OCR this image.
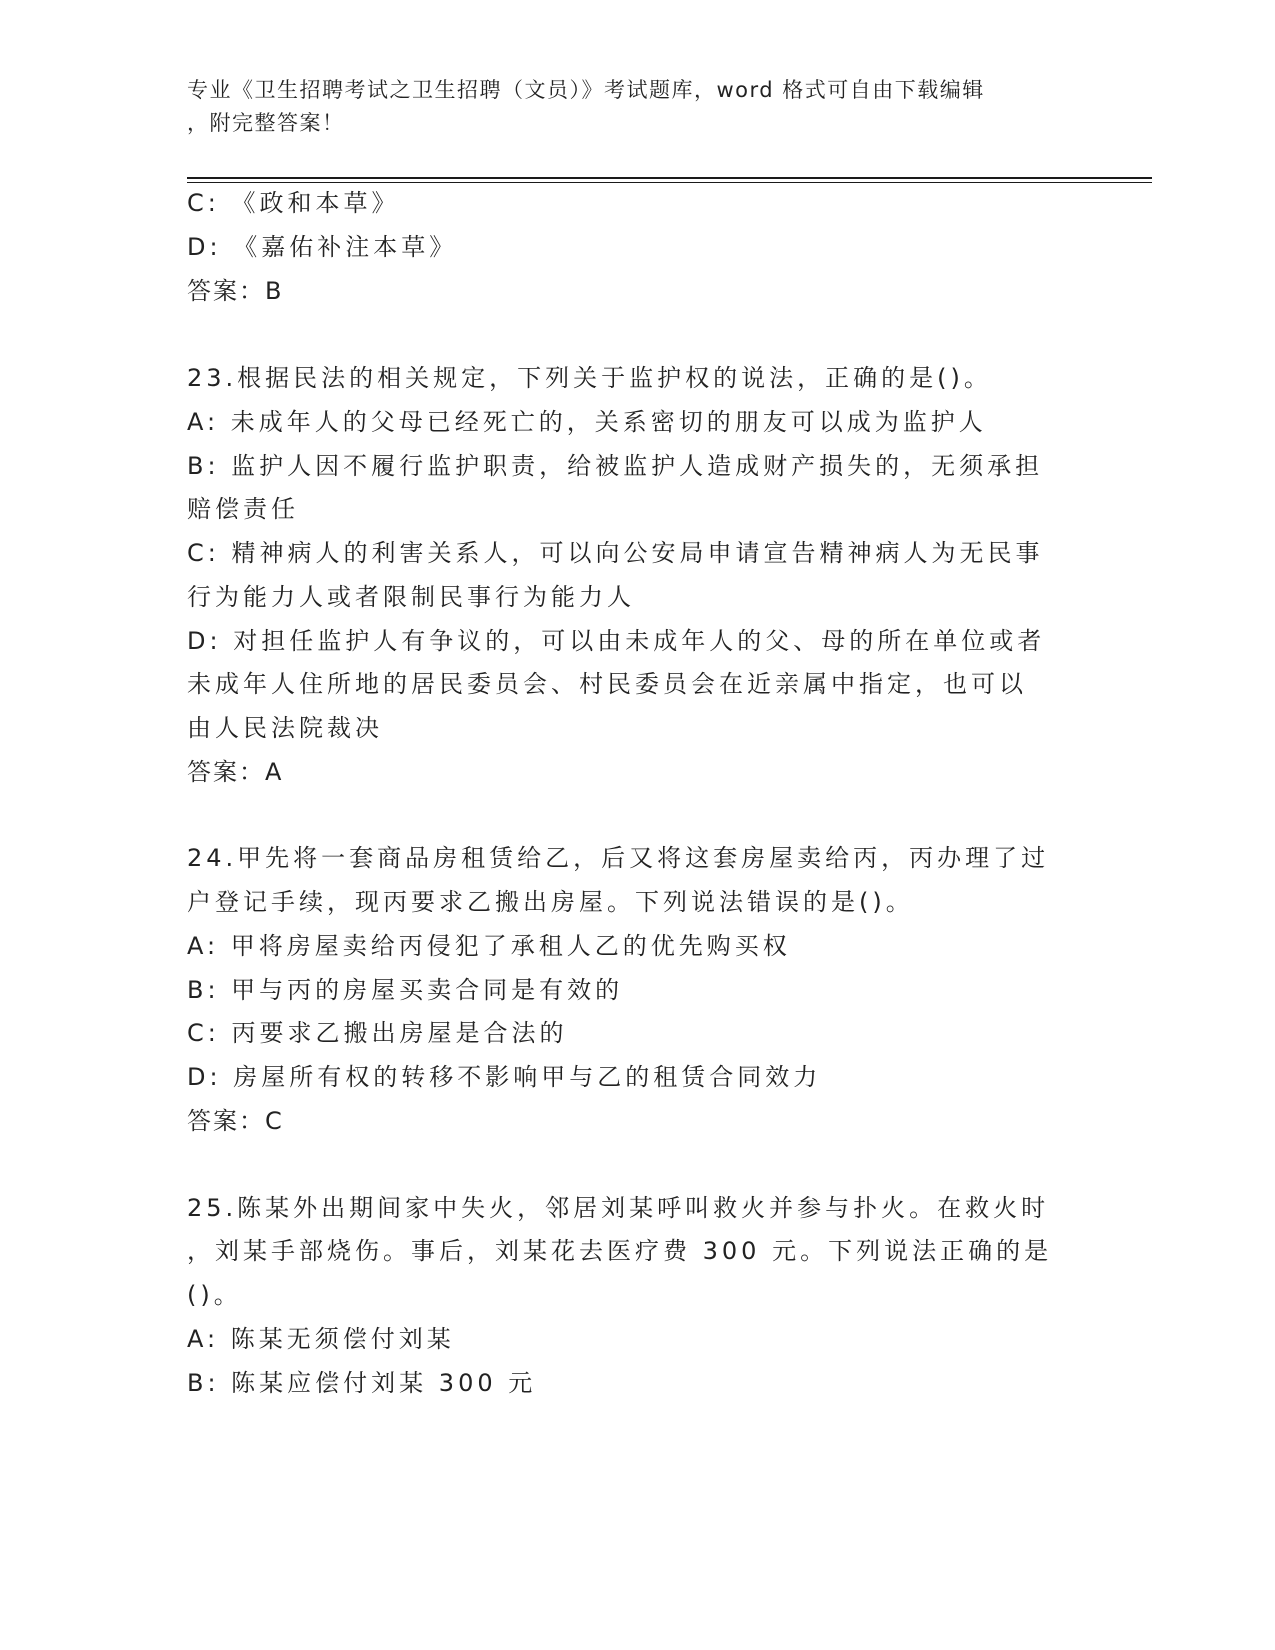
专业《卫生招聘考试之卫生招聘（文员）》考试题库，word 格式可自由下载编辑
，附完整答案！
C: 《政和本草》
D: 《嘉佑补注本草》
答案：B
23.根据民法的相关规定，下列关于监护权的说法，正确的是()。
A: 未成年人的父母已经死亡的，关系密切的朋友可以成为监护人
B: 监护人因不履行监护职责，给被监护人造成财产损失的，无须承担
赔偿责任
C: 精神病人的利害关系人，可以向公安局申请宣告精神病人为无民事
行为能力人或者限制民事行为能力人
D: 对担任监护人有争议的，可以由未成年人的父、母的所在单位或者
未成年人住所地的居民委员会、村民委员会在近亲属中指定，也可以
由人民法院裁决
答案：A
24.甲先将一套商品房租赁给乙，后又将这套房屋卖给丙，丙办理了过
户登记手续，现丙要求乙搬出房屋。下列说法错误的是()。
A: 甲将房屋卖给丙侵犯了承租人乙的优先购买权
B: 甲与丙的房屋买卖合同是有效的
C: 丙要求乙搬出房屋是合法的
D: 房屋所有权的转移不影响甲与乙的租赁合同效力
答案：C
25.陈某外出期间家中失火，邻居刘某呼叫救火并参与扑火。在救火时
，刘某手部烧伤。事后，刘某花去医疗费 300 元。下列说法正确的是
()。
A: 陈某无须偿付刘某
B: 陈某应偿付刘某 300 元
